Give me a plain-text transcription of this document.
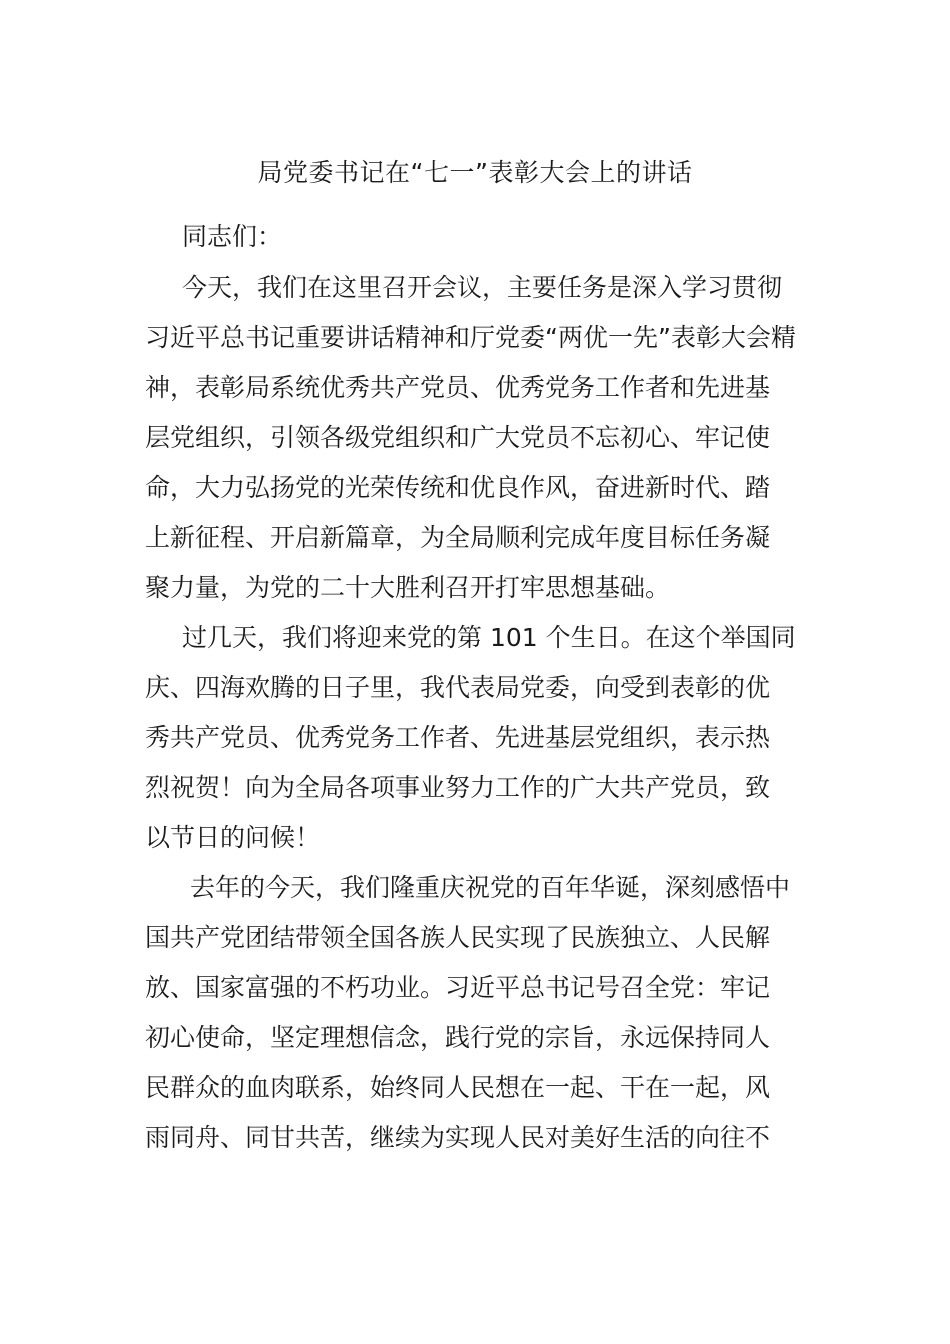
局党委书记在“七一”表彰大会上的讲话
同志们：
今天，我们在这里召开会议，主要任务是深入学习贯彻
习近平总书记重要讲话精神和厅党委“两优一先”表彰大会精
神，表彰局系统优秀共产党员、优秀党务工作者和先进基
层党组织，引领各级党组织和广大党员不忘初心、牢记使
命，大力弘扬党的光荣传统和优良作风，奋进新时代、踏
上新征程、开启新篇章，为全局顺利完成年度目标任务凝
聚力量，为党的二十大胜利召开打牢思想基础。
过几天，我们将迎来党的第 101 个生日。在这个举国同
庆、四海欢腾的日子里，我代表局党委，向受到表彰的优
秀共产党员、优秀党务工作者、先进基层党组织，表示热
烈祝贺！向为全局各项事业努力工作的广大共产党员，致
以节日的问候！
去年的今天，我们隆重庆祝党的百年华诞，深刻感悟中
国共产党团结带领全国各族人民实现了民族独立、人民解
放、国家富强的不朽功业。习近平总书记号召全党：牢记
初心使命，坚定理想信念，践行党的宗旨，永远保持同人
民群众的血肉联系，始终同人民想在一起、干在一起，风
雨同舟、同甘共苦，继续为实现人民对美好生活的向往不
